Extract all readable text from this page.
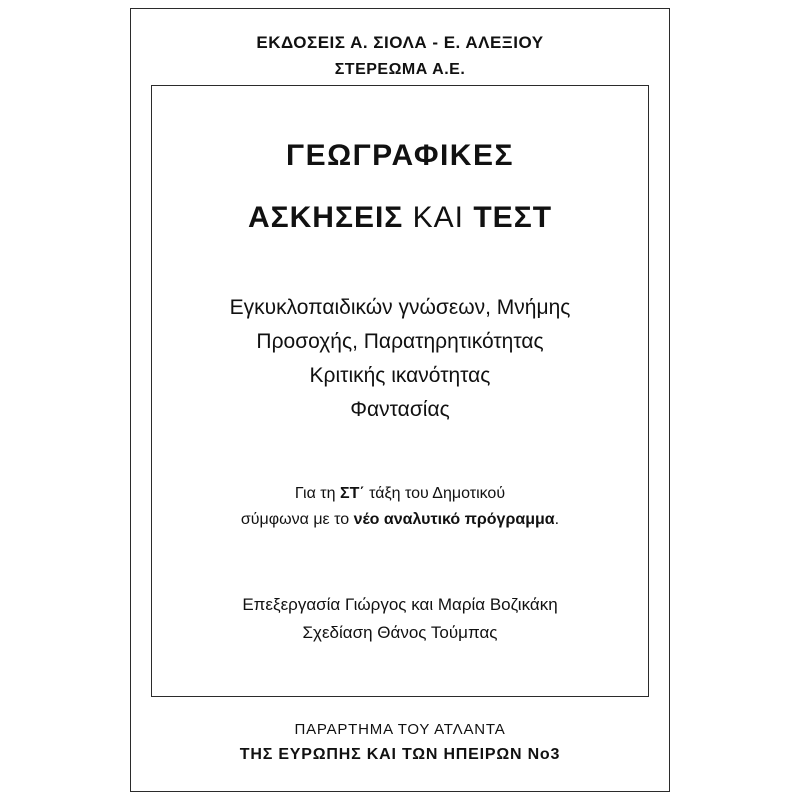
ΕΚΔΟΣΕΙΣ Α. ΣΙΟΛΑ - Ε. ΑΛΕΞΙΟΥ
ΣΤΕΡΕΩΜΑ Α.Ε.
ΓΕΩΓΡΑΦΙΚΕΣ
ΑΣΚΗΣΕΙΣ ΚΑΙ ΤΕΣΤ
Εγκυκλοπαιδικών γνώσεων, Μνήμης
Προσοχής, Παρατηρητικότητας
Κριτικής ικανότητας
Φαντασίας
Για τη ΣΤ΄ τάξη του Δημοτικού
σύμφωνα με το νέο αναλυτικό πρόγραμμα.
Επεξεργασία Γιώργος και Μαρία Βοζικάκη
Σχεδίαση Θάνος Τούμπας
ΠΑΡΑΡΤΗΜΑ ΤΟΥ ΑΤΛΑΝΤΑ
ΤΗΣ ΕΥΡΩΠΗΣ ΚΑΙ ΤΩΝ ΗΠΕΙΡΩΝ Νο3
